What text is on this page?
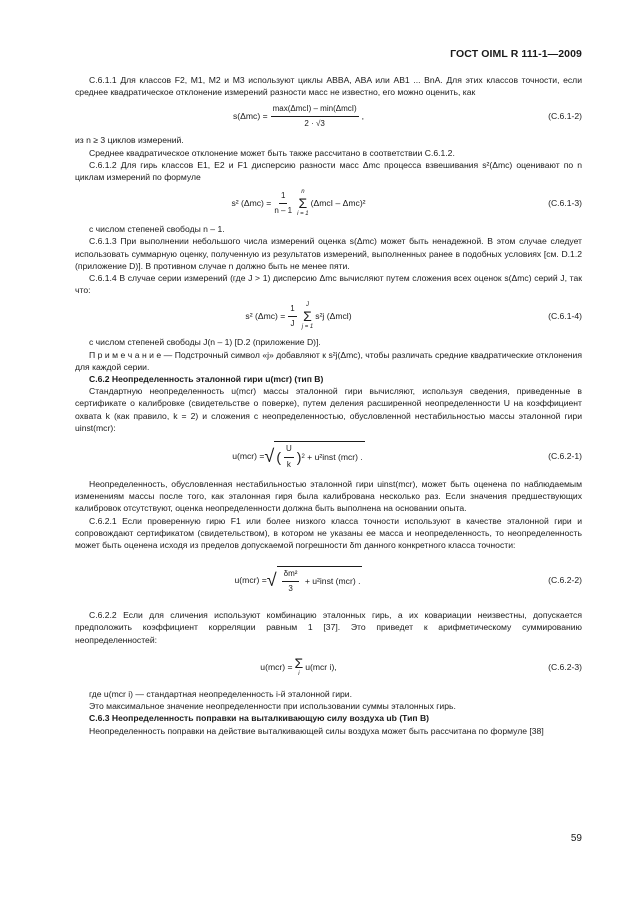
ГОСТ OIML R 111-1—2009

С.6.1.1 Для классов F2, M1, M2 и M3 используют циклы ABBA, ABA или AB1 ... BnA. Для этих классов точности, если среднее квадратическое отклонение измерений разности масс не известно, его можно оценить, как

$s(\Delta mc) = \frac{\text{max(ΔmcI) – min(ΔmcI)}}{2 \cdot √3}$ ,	(C.6.1-2)

из n ≥ 3 циклов измерений.

Среднее квадратическое отклонение может быть также рассчитано в соответствии С.6.1.2.

С.6.1.2 Для гирь классов E1, E2 и F1 дисперсию разности масс Δmc процесса взвешивания s²(Δmc) оценивают по n циклам измерений по формуле

s² $(\Delta mc) = \frac{1}{n - 1}$ n
Σ
i = 1
(ΔmcI – Δmc)²	(C.6.1-3)

с числом степеней свободы n – 1.

С.6.1.3 При выполнении небольшого числа измерений оценка s(Δmc) может быть ненадежной. В этом случае следует использовать суммарную оценку, полученную из результатов измерений, выполненных ранее в подобных условиях [см. D.1.2 (приложение D)]. В противном случае n должно быть не менее пяти.

С.6.1.4 В случае серии измерений (где J > 1) дисперсию Δmc вычисляют путем сложения всех оценок s(Δmc) серий J, так что:

s² $(\Delta mc) = \frac{1}{J}$ J
Σ
j = 1
s²j (Δmcl)	(C.6.1-4)

с числом степеней свободы J(n – 1) [D.2 (приложение D)].

П р и м е ч а н и е — Подстрочный символ «j» добавляют к s²j(Δmc), чтобы различать средние квадратические отклонения для каждой серии.

С.6.2 Неопределенность эталонной гири u(mcr) (тип В)

Стандартную неопределенность u(mcr) массы эталонной гири вычисляют, используя сведения, приведенные в сертификате о калибровке (свидетельстве о поверке), путем деления расширенной неопределенности U на коэффициент охвата k (как правило, k = 2) и сложения с неопределенностью, обусловленной нестабильностью массы эталонной гири uinst(mcr):

u(mcr) = √ ( $\frac{U}{k}$ ) 2
+ u²inst (mcr) .	(C.6.2-1)

Неопределенность, обусловленная нестабильностью эталонной гири uinst(mcr), может быть оценена по наблюдаемым изменениям массы после того, как эталонная гиря была калибрована несколько раз. Если значения предшествующих калибровок отсутствуют, оценка неопределенности должна быть выполнена на основании опыта.

С.6.2.1 Если проверенную гирю F1 или более низкого класса точности используют в качестве эталонной гири и сопровождают сертификатом (свидетельством), в котором не указаны ее масса и неопределенность, то неопределенность может быть оценена исходя из пределов допускаемой погрешности δm данного конкретного класса точности:

u(mcr) = √ $\frac{\text{δm²}}{3}$
+ u²inst (mcr) .	(C.6.2-2)

С.6.2.2 Если для сличения используют комбинацию эталонных гирь, а их ковариации неизвестны, допускается предположить коэффициент корреляции равным 1 [37]. Это приведет к арифметическому суммированию неопределенностей:

u(mcr) = Σ
i
u(mcr i),	(C.6.2-3)

где u(mcr i) — стандартная неопределенность i-й эталонной гири.

Это максимальное значение неопределенности при использовании суммы эталонных гирь.

С.6.3 Неопределенность поправки на выталкивающую силу воздуха ub (Тип В)

Неопределенность поправки на действие выталкивающей силы воздуха может быть рассчитана по формуле [38]

59
